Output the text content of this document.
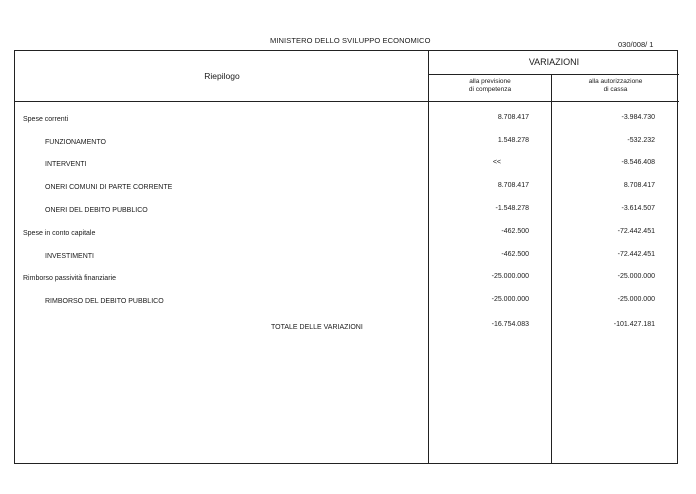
MINISTERO DELLO SVILUPPO ECONOMICO	030/008/ 1
Riepilogo
VARIAZIONI
alla previsione
di competenza
alla autorizzazione
di cassa
Spese correnti	8.708.417	-3.984.730
FUNZIONAMENTO	1.548.278	-532.232
INTERVENTI	<<	-8.546.408
ONERI COMUNI DI PARTE CORRENTE	8.708.417	8.708.417
ONERI DEL DEBITO PUBBLICO	-1.548.278	-3.614.507
Spese in conto capitale	-462.500	-72.442.451
INVESTIMENTI	-462.500	-72.442.451
Rimborso passività finanziarie	-25.000.000	-25.000.000
RIMBORSO DEL DEBITO PUBBLICO	-25.000.000	-25.000.000
TOTALE DELLE VARIAZIONI	-16.754.083	-101.427.181
